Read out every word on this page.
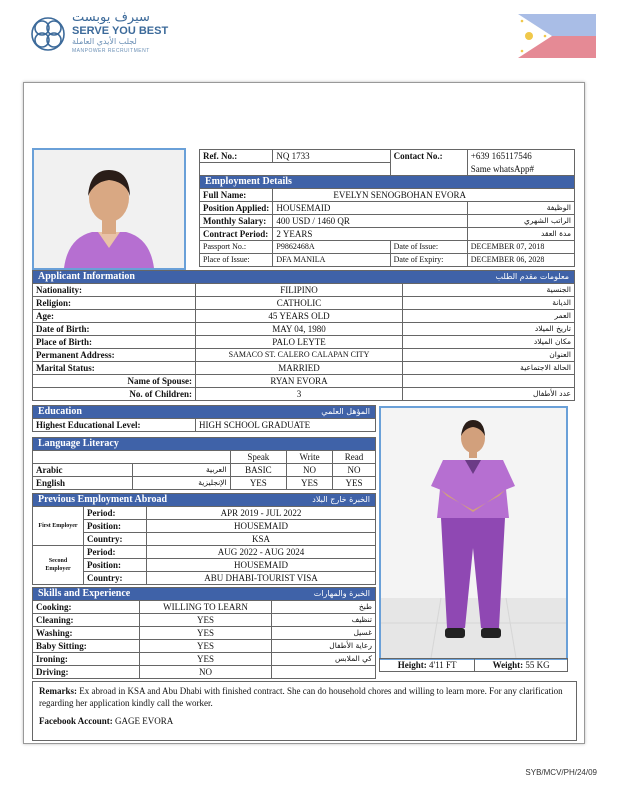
سيرف يوبست
SERVE YOU BEST
لجلب الأيدي العاملة
MANPOWER RECRUITMENT
Ref. No.:	NQ 1733	Contact No.:	+639 165117546
			Same whatsApp#
Employment Details			
Full Name:	EVELYN SENOGBOHAN EVORA		
Position Applied:	HOUSEMAID		الوظيفة
Monthly Salary:	400 USD / 1460 QR		الراتب الشهري
Contract Period:	2 YEARS		مدة العقد
Passport No.:	P9862468A	Date of Issue:	DECEMBER 07, 2018
Place of Issue:	DFA MANILA	Date of Expiry:	DECEMBER 06, 2028
Applicant Information معلومات مقدم الطلب		

Nationality:	FILIPINO	الجنسية
Religion:	CATHOLIC	الديانة
Age:	45 YEARS OLD	العمر
Date of Birth:	MAY 04, 1980	تاريخ الميلاد
Place of Birth:	PALO LEYTE	مكان الميلاد
Permanent Address:	SAMACO ST. CALERO CALAPAN CITY	العنوان
Marital Status:	MARRIED	الحالة الاجتماعية
Name of Spouse:	RYAN EVORA	
No. of Children:	3	عدد الأطفال
Education	المؤهل العلمي

Highest Educational Level:	HIGH SCHOOL GRADUATE
Language Literacy				
		Speak	Write	Read
Arabic	العربية	BASIC	NO	NO
English	الإنجليزية	YES	YES	YES
Previous Employment Abroad الخبرة خارج البلاد		

First Employer	Period:	APR 2019 - JUL 2022
	Position:	HOUSEMAID
	Country:	KSA
Second Employer	Period:	AUG 2022 - AUG 2024
	Position:	HOUSEMAID
	Country:	ABU DHABI-TOURIST VISA
Skills and Experience الخبرة والمهارات		

Cooking:	WILLING TO LEARN	طبخ
Cleaning:	YES	تنظيف
Washing:	YES	غسيل
Baby Sitting:	YES	رعاية الأطفال
Ironing:	YES	كي الملابس
Driving:	NO	
Height: 4'11 FT	Weight: 55 KG
Remarks: Ex abroad in KSA and Abu Dhabi with finished contract. She can do household chores and willing to learn more. For any clarification regarding her application kindly call the worker.
Facebook Account: GAGE EVORA
SYB/MCV/PH/24/09
